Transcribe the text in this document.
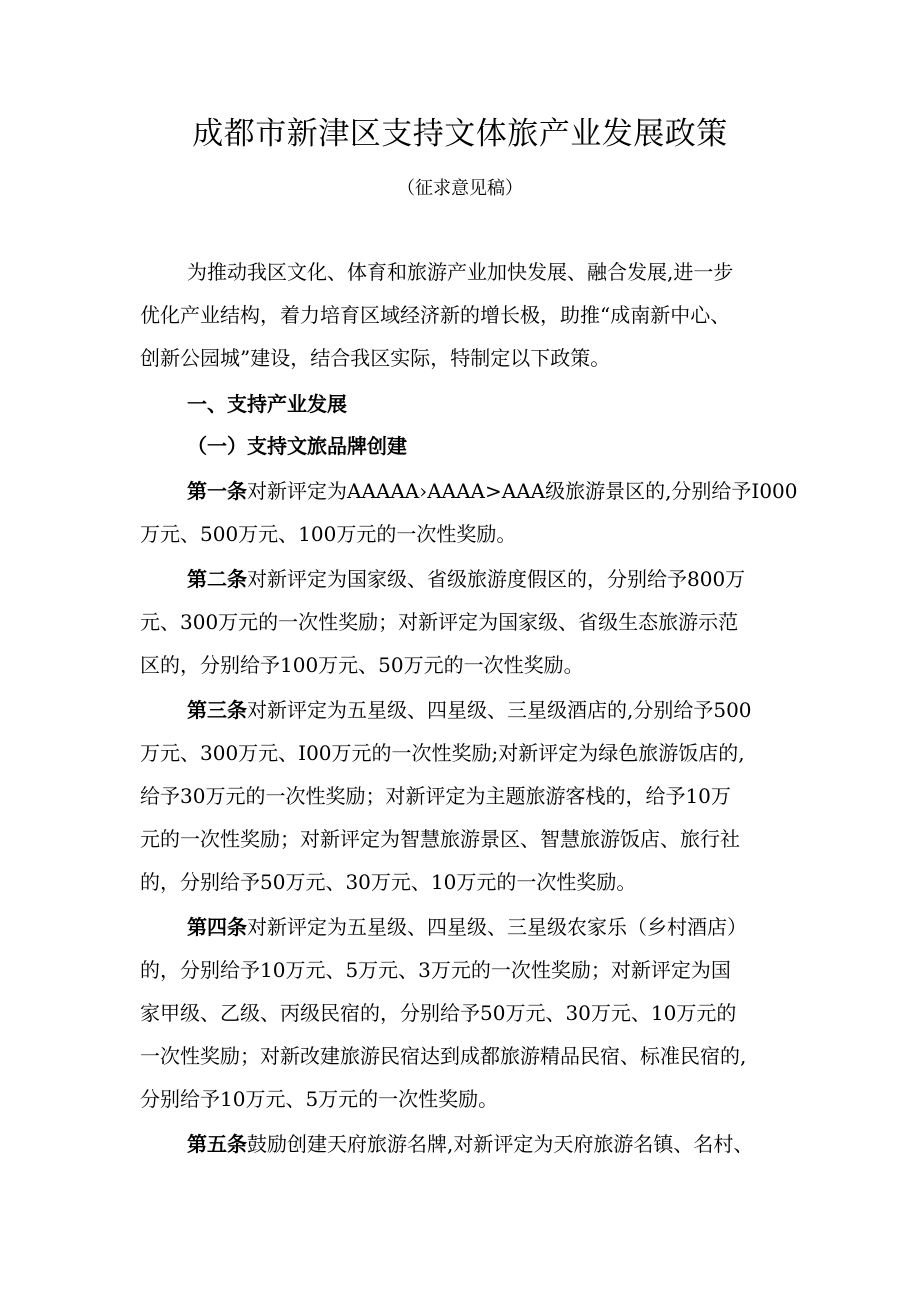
成都市新津区支持文体旅产业发展政策
（征求意见稿）
为推动我区文化、体育和旅游产业加快发展、融合发展,进一步
优化产业结构，着力培育区域经济新的增长极，助推“成南新中心、
创新公园城”建设，结合我区实际，特制定以下政策。
一、支持产业发展
（一）支持文旅品牌创建
第一条对新评定为AAAAA›AAAA>AAA级旅游景区的,分别给予I000
万元、500万元、100万元的一次性奖励。
第二条对新评定为国家级、省级旅游度假区的，分别给予800万
元、300万元的一次性奖励；对新评定为国家级、省级生态旅游示范
区的，分别给予100万元、50万元的一次性奖励。
第三条对新评定为五星级、四星级、三星级酒店的,分别给予500
万元、300万元、I00万元的一次性奖励;对新评定为绿色旅游饭店的,
给予30万元的一次性奖励；对新评定为主题旅游客栈的，给予10万
元的一次性奖励；对新评定为智慧旅游景区、智慧旅游饭店、旅行社
的，分别给予50万元、30万元、10万元的一次性奖励。
第四条对新评定为五星级、四星级、三星级农家乐（乡村酒店）
的，分别给予10万元、5万元、3万元的一次性奖励；对新评定为国
家甲级、乙级、丙级民宿的，分别给予50万元、30万元、10万元的
一次性奖励；对新改建旅游民宿达到成都旅游精品民宿、标准民宿的,
分别给予10万元、5万元的一次性奖励。
第五条鼓励创建天府旅游名牌,对新评定为天府旅游名镇、名村、
